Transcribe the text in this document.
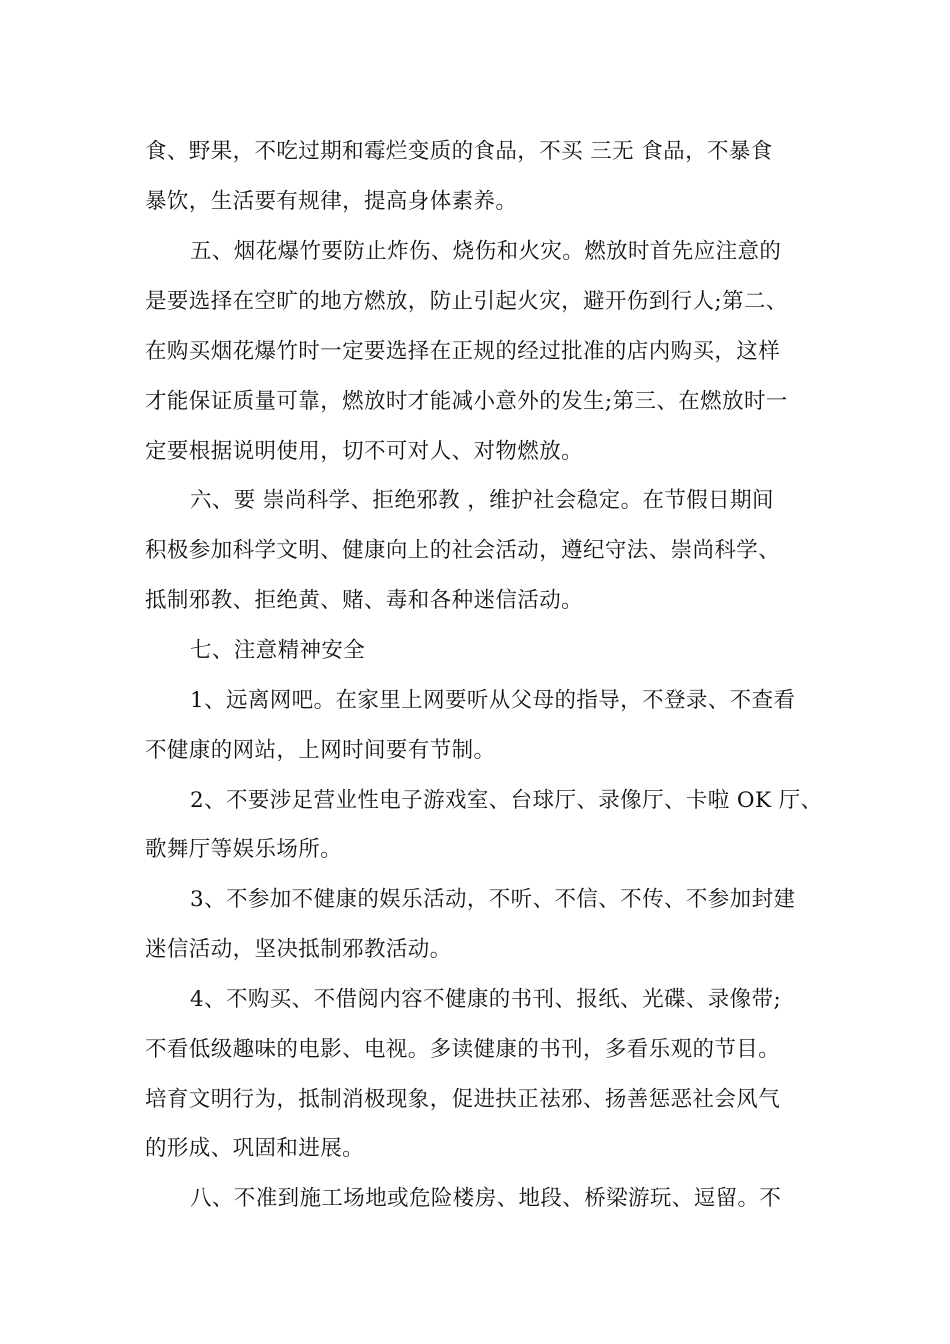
食、野果，不吃过期和霉烂变质的食品，不买 三无 食品，不暴食
暴饮，生活要有规律，提高身体素养。
五、烟花爆竹要防止炸伤、烧伤和火灾。燃放时首先应注意的
是要选择在空旷的地方燃放，防止引起火灾，避开伤到行人;第二、
在购买烟花爆竹时一定要选择在正规的经过批准的店内购买，这样
才能保证质量可靠，燃放时才能减小意外的发生;第三、在燃放时一
定要根据说明使用，切不可对人、对物燃放。
六、要 崇尚科学、拒绝邪教 ，维护社会稳定。在节假日期间
积极参加科学文明、健康向上的社会活动，遵纪守法、崇尚科学、
抵制邪教、拒绝黄、赌、毒和各种迷信活动。
七、注意精神安全
1、远离网吧。在家里上网要听从父母的指导，不登录、不查看
不健康的网站，上网时间要有节制。
2、不要涉足营业性电子游戏室、台球厅、录像厅、卡啦 OK 厅、
歌舞厅等娱乐场所。
3、不参加不健康的娱乐活动，不听、不信、不传、不参加封建
迷信活动，坚决抵制邪教活动。
4、不购买、不借阅内容不健康的书刊、报纸、光碟、录像带;
不看低级趣味的电影、电视。多读健康的书刊，多看乐观的节目。
培育文明行为，抵制消极现象，促进扶正祛邪、扬善惩恶社会风气
的形成、巩固和进展。
八、不准到施工场地或危险楼房、地段、桥梁游玩、逗留。不
